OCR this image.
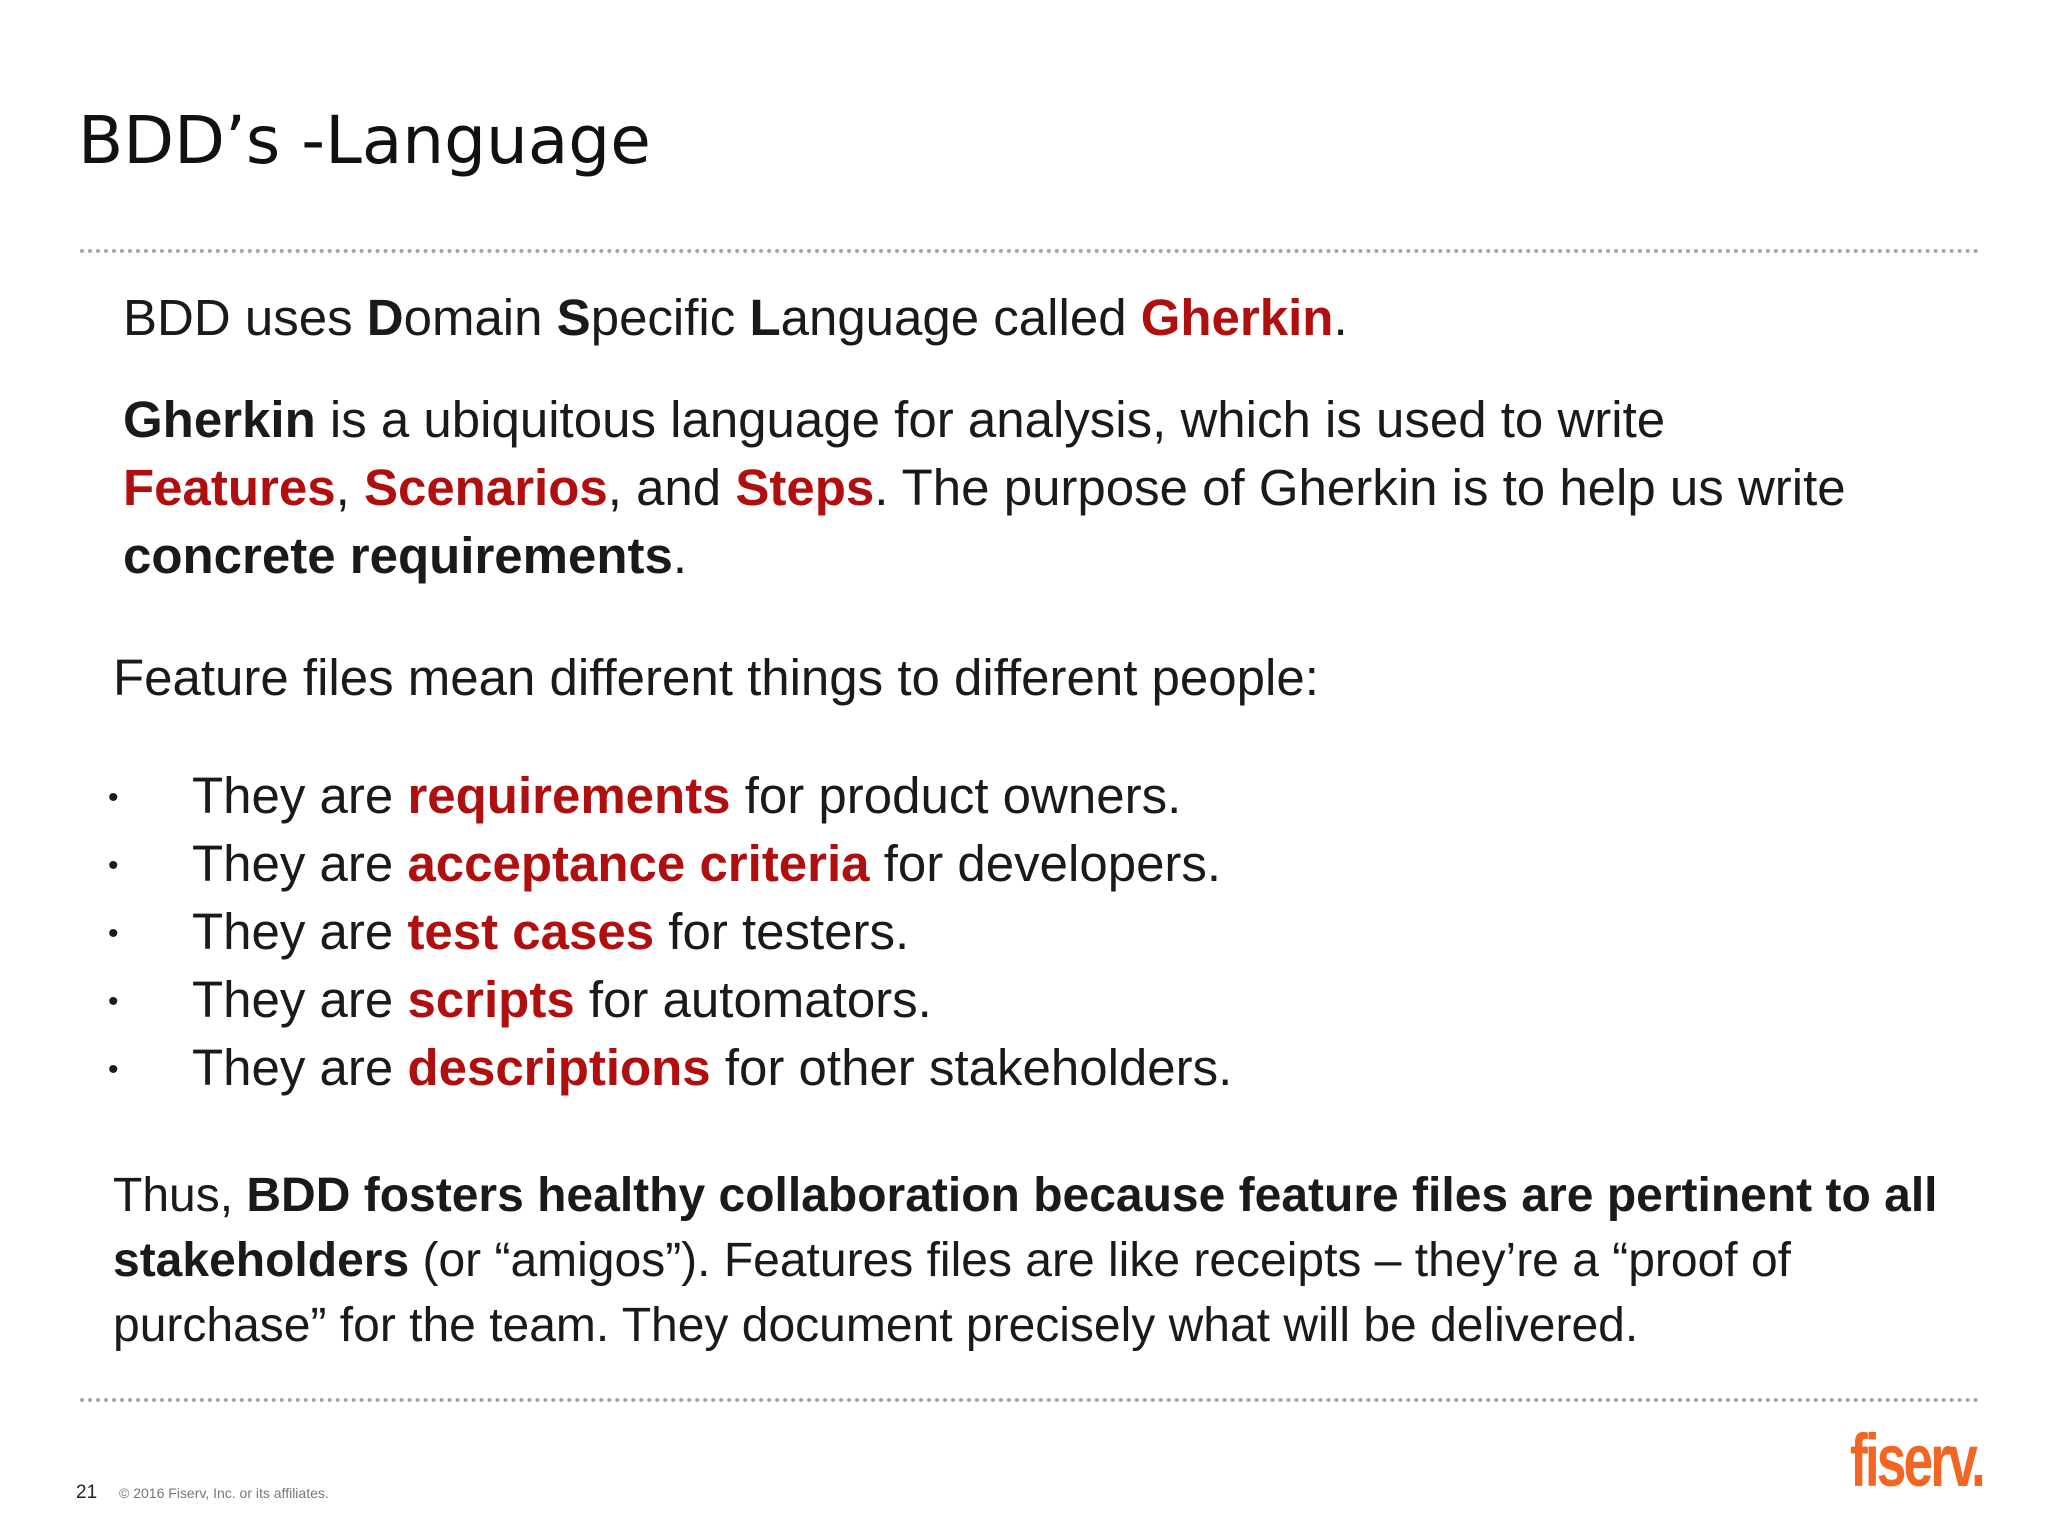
BDD’s -Language
BDD uses Domain Specific Language called Gherkin.
Gherkin is a ubiquitous language for analysis, which is used to write Features, Scenarios, and Steps. The purpose of Gherkin is to help us write concrete requirements.
Feature files mean different things to different people:
• They are requirements for product owners.
• They are acceptance criteria for developers.
• They are test cases for testers.
• They are scripts for automators.
• They are descriptions for other stakeholders.
Thus, BDD fosters healthy collaboration because feature files are pertinent to all stakeholders (or “amigos”). Features files are like receipts – they’re a “proof of purchase” for the team. They document precisely what will be delivered.
21 © 2016 Fiserv, Inc. or its affiliates.	fiserv.
